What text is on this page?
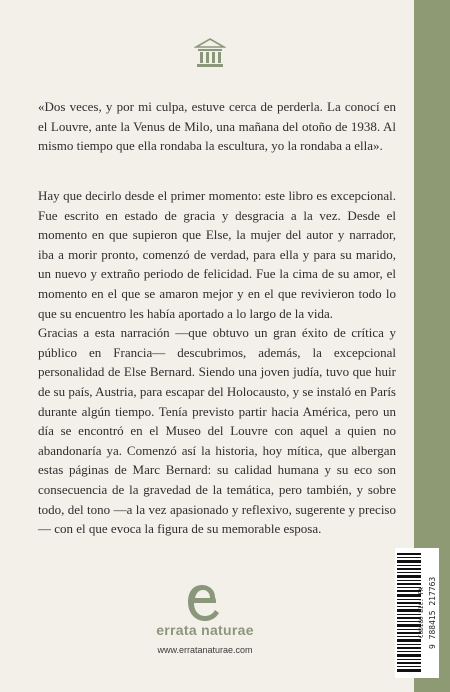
«Dos veces, y por mi culpa, estuve cerca de perderla. La conocí en el Louvre, ante la Venus de Milo, una mañana del otoño de 1938. Al mismo tiempo que ella rondaba la escultura, yo la rondaba a ella».

Hay que decirlo desde el primer momento: este libro es excepcional. Fue escrito en estado de gracia y desgracia a la vez. Desde el momento en que supieron que Else, la mujer del autor y narrador, iba a morir pronto, comenzó de verdad, para ella y para su marido, un nuevo y extraño periodo de felicidad. Fue la cima de su amor, el momento en el que se amaron mejor y en el que revivieron todo lo que su encuentro les había aportado a lo largo de la vida.

Gracias a esta narración —que obtuvo un gran éxito de crítica y público en Francia— descubrimos, además, la excepcional personalidad de Else Bernard. Siendo una joven judía, tuvo que huir de su país, Austria, para escapar del Holocausto, y se instaló en París durante algún tiempo. Tenía previsto partir hacia América, pero un día se encontró en el Museo del Louvre con aquel a quien no abandonaría ya. Comenzó así la historia, hoy mítica, que albergan estas páginas de Marc Bernard: su calidad humana y su eco son consecuencia de la gravedad de la temática, pero también, y sobre todo, del tono —a la vez apasionado y reflexivo, sugerente y preciso— con el que evoca la figura de su memorable esposa.

errata naturae
www.erratanaturae.com
CÓDIGO BIC: FA 9 788415 217763
